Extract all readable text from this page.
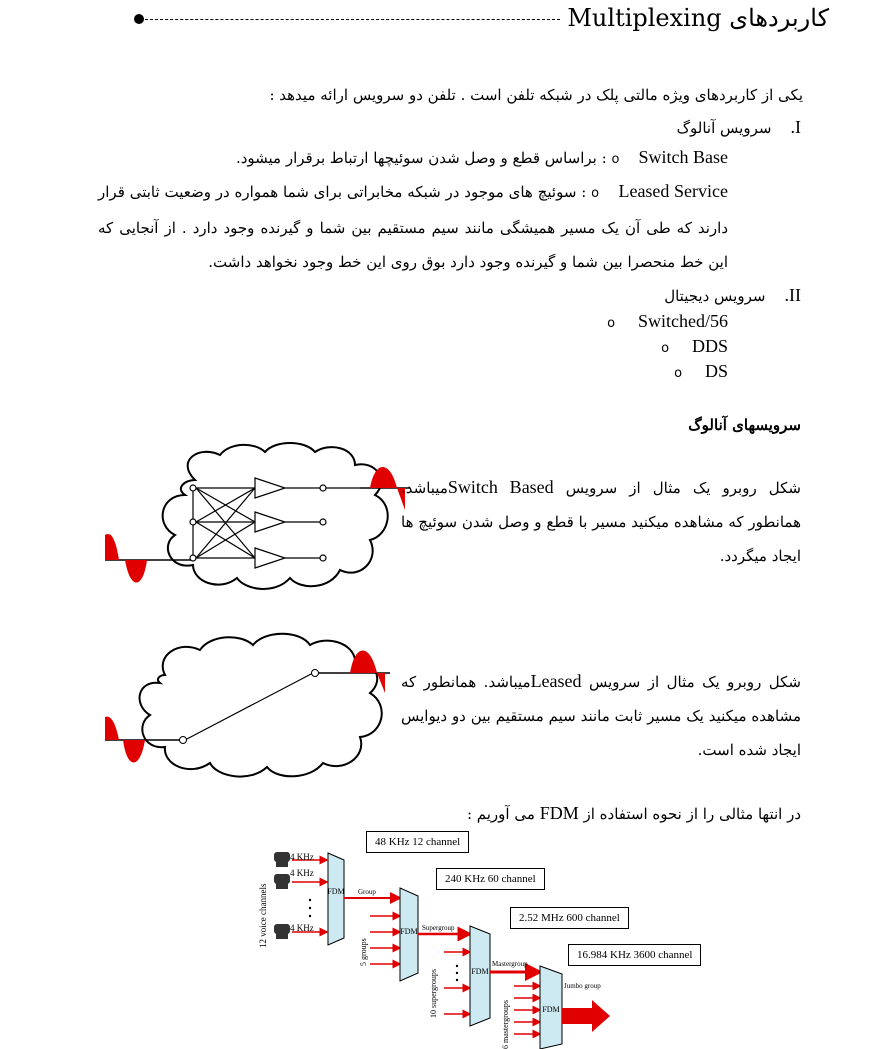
کاربردهای Multiplexing
یکی از کاربردهای ویژه مالتی پلک در شبکه تلفن است . تلفن دو سرویس ارائه میدهد :
I.    سرویس آنالوگ
o Switch Base : براساس قطع و وصل شدن سوئیچها ارتباط برقرار میشود.
o Leased Service : سوئیچ های موجود در شبکه مخابراتی برای شما همواره در وضعیت ثابتی قرار دارند که طی آن یک مسیر همیشگی مانند سیم مستقیم بین شما و گیرنده وجود دارد . از آنجایی که این خط منحصرا بین شما و گیرنده وجود دارد بوق روی این خط وجود نخواهد داشت.
II.    سرویس دیجیتال
o Switched/56
o DDS
o DS
سرویسهای آنالوگ
شکل روبرو یک مثال از سرویس Switch Basedمیباشد. همانطور که مشاهده میکنید مسیر با قطع و وصل شدن سوئیچ ها ایجاد میگردد.
شکل روبرو یک مثال از سرویس Leasedمیباشد. همانطور که مشاهده میکنید یک مسیر ثابت مانند سیم مستقیم بین دو دیوایس ایجاد شده است.
در انتها مثالی را از نحوه استفاده از FDM می آوریم :
48 KHz 12 channel
240 KHz 60 channel
2.52 MHz 600 channel
16.984 KHz 3600 channel
4 KHz
4 KHz
4 KHz
Group
Supergroup
Mastergroup
Jumbo group
12 voice channels
5 groups
10 supergroups
6 mastergroups
FDM
FDM
FDM
FDM
